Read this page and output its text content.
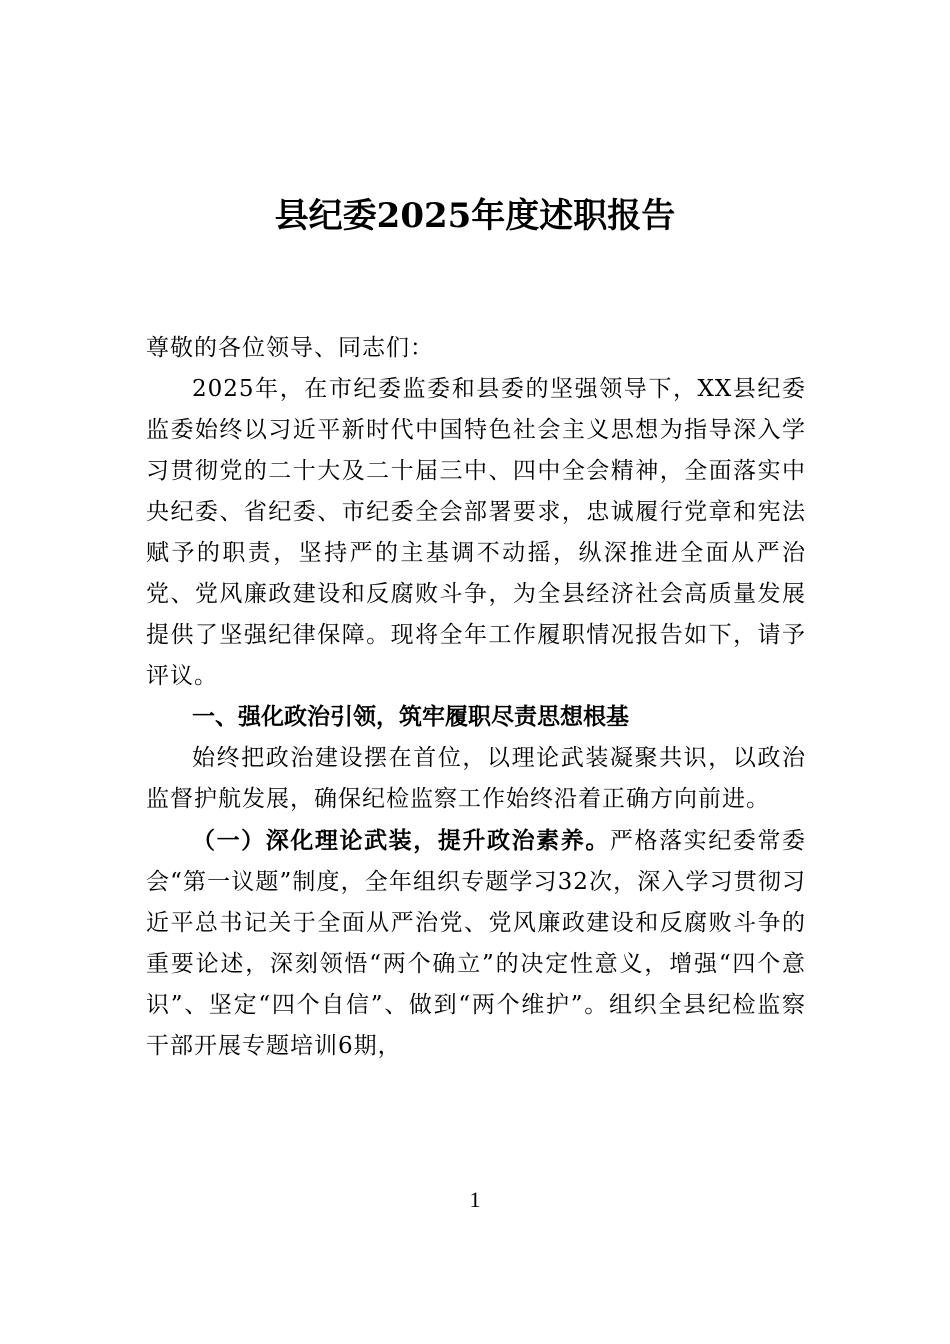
县纪委2025年度述职报告

尊敬的各位领导、同志们：

2025年，在市纪委监委和县委的坚强领导下，XX县纪委监委始终以习近平新时代中国特色社会主义思想为指导深入学习贯彻党的二十大及二十届三中、四中全会精神，全面落实中央纪委、省纪委、市纪委全会部署要求，忠诚履行党章和宪法赋予的职责，坚持严的主基调不动摇，纵深推进全面从严治党、党风廉政建设和反腐败斗争，为全县经济社会高质量发展提供了坚强纪律保障。现将全年工作履职情况报告如下，请予评议。

一、强化政治引领，筑牢履职尽责思想根基

始终把政治建设摆在首位，以理论武装凝聚共识，以政治监督护航发展，确保纪检监察工作始终沿着正确方向前进。

（一）深化理论武装，提升政治素养。严格落实纪委常委会“第一议题”制度，全年组织专题学习32次，深入学习贯彻习近平总书记关于全面从严治党、党风廉政建设和反腐败斗争的重要论述，深刻领悟“两个确立”的决定性意义，增强“四个意识”、坚定“四个自信”、做到“两个维护”。组织全县纪检监察干部开展专题培训6期，

1
